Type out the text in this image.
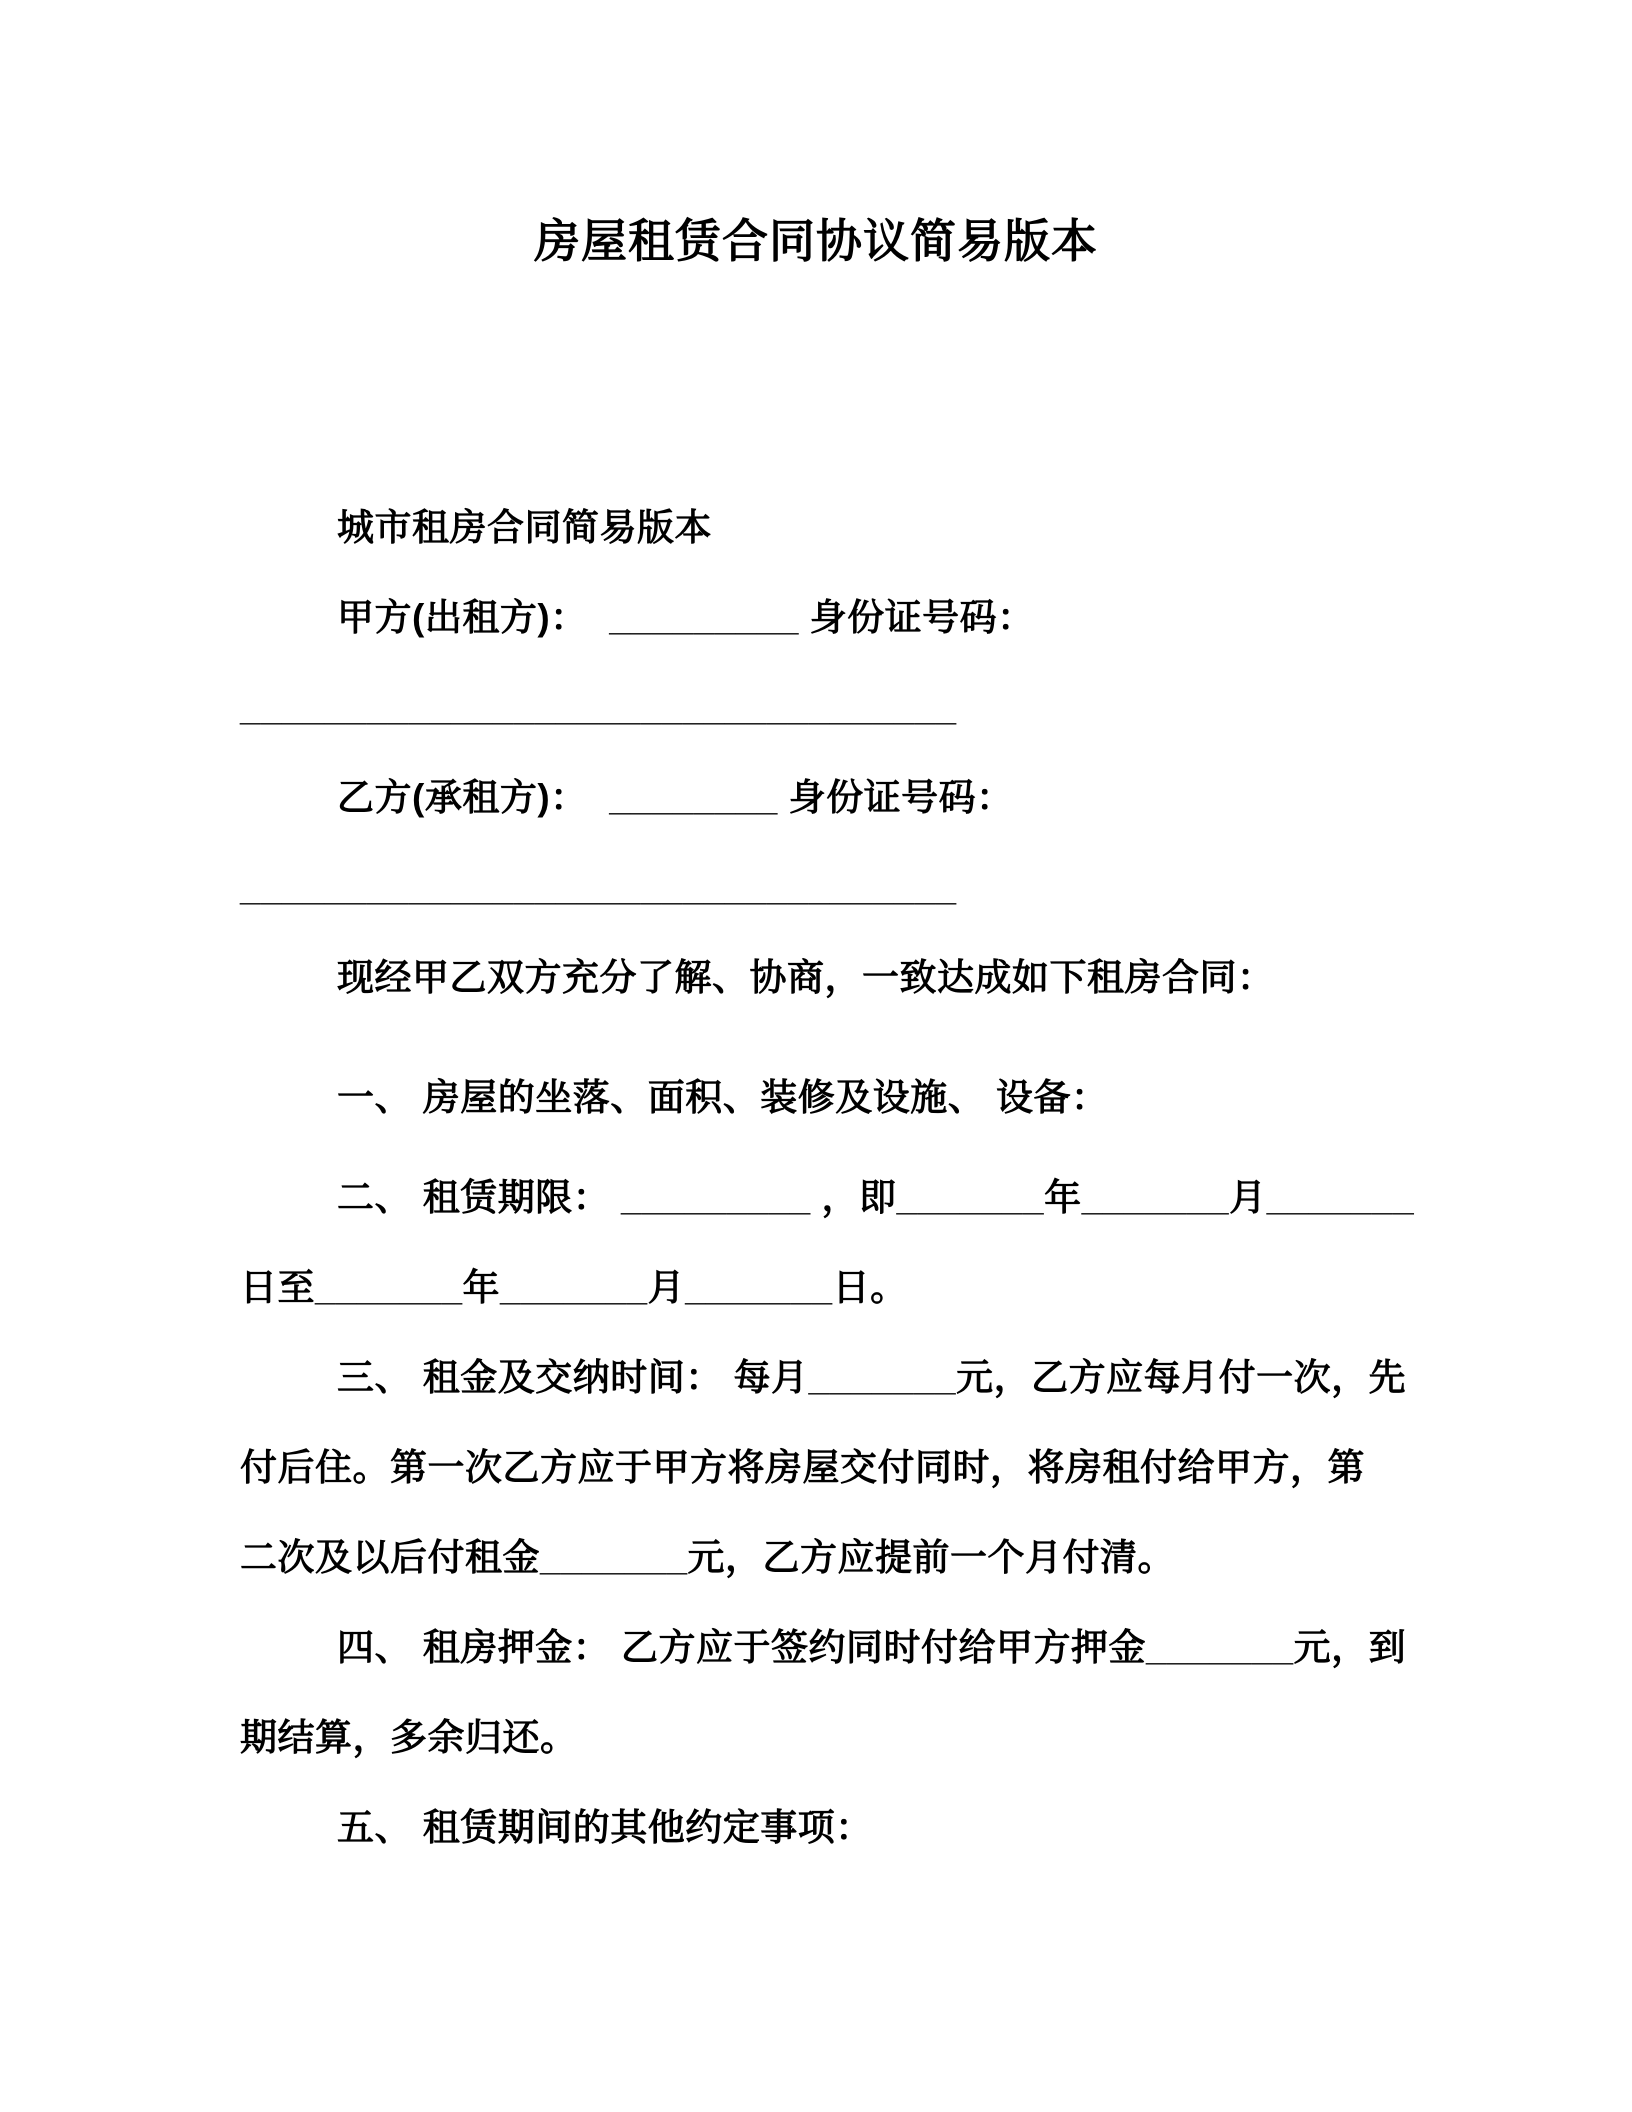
房屋租赁合同协议简易版本
城市租房合同简易版本
甲方(出租方)：  _________ 身份证号码：
__________________________________
乙方(承租方)：  ________ 身份证号码：
__________________________________
现经甲乙双方充分了解、协商，一致达成如下租房合同：
一、 房屋的坐落、面积、装修及设施、 设备：
二、 租赁期限： _________ ，即_______年_______月_______
日至_______年_______月_______日。
三、 租金及交纳时间： 每月_______元，乙方应每月付一次，先
付后住。第一次乙方应于甲方将房屋交付同时，将房租付给甲方，第
二次及以后付租金_______元，乙方应提前一个月付清。
四、 租房押金： 乙方应于签约同时付给甲方押金_______元，到
期结算，多余归还。
五、 租赁期间的其他约定事项：
